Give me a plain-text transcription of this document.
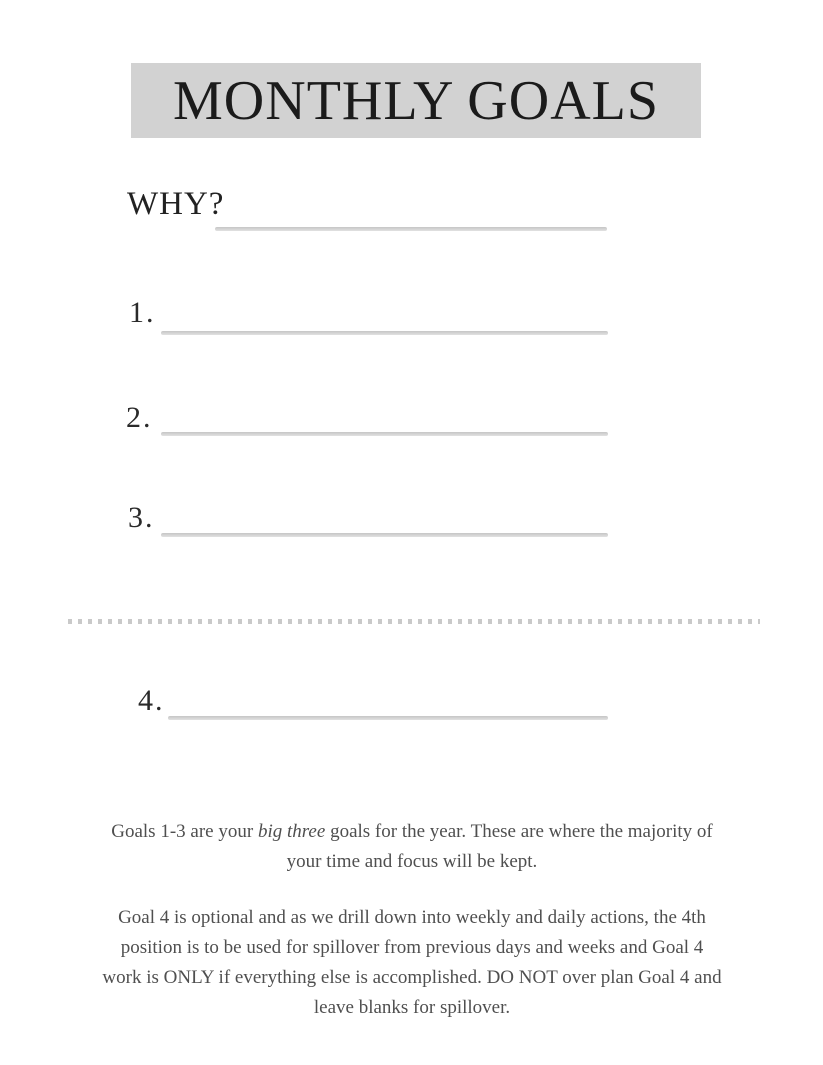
MONTHLY GOALS
WHY?
1.
2.
3.
4.

Goals 1-3 are your big three goals for the year. These are where the majority of your time and focus will be kept.

Goal 4 is optional and as we drill down into weekly and daily actions, the 4th position is to be used for spillover from previous days and weeks and Goal 4 work is ONLY if everything else is accomplished. DO NOT over plan Goal 4 and leave blanks for spillover.
